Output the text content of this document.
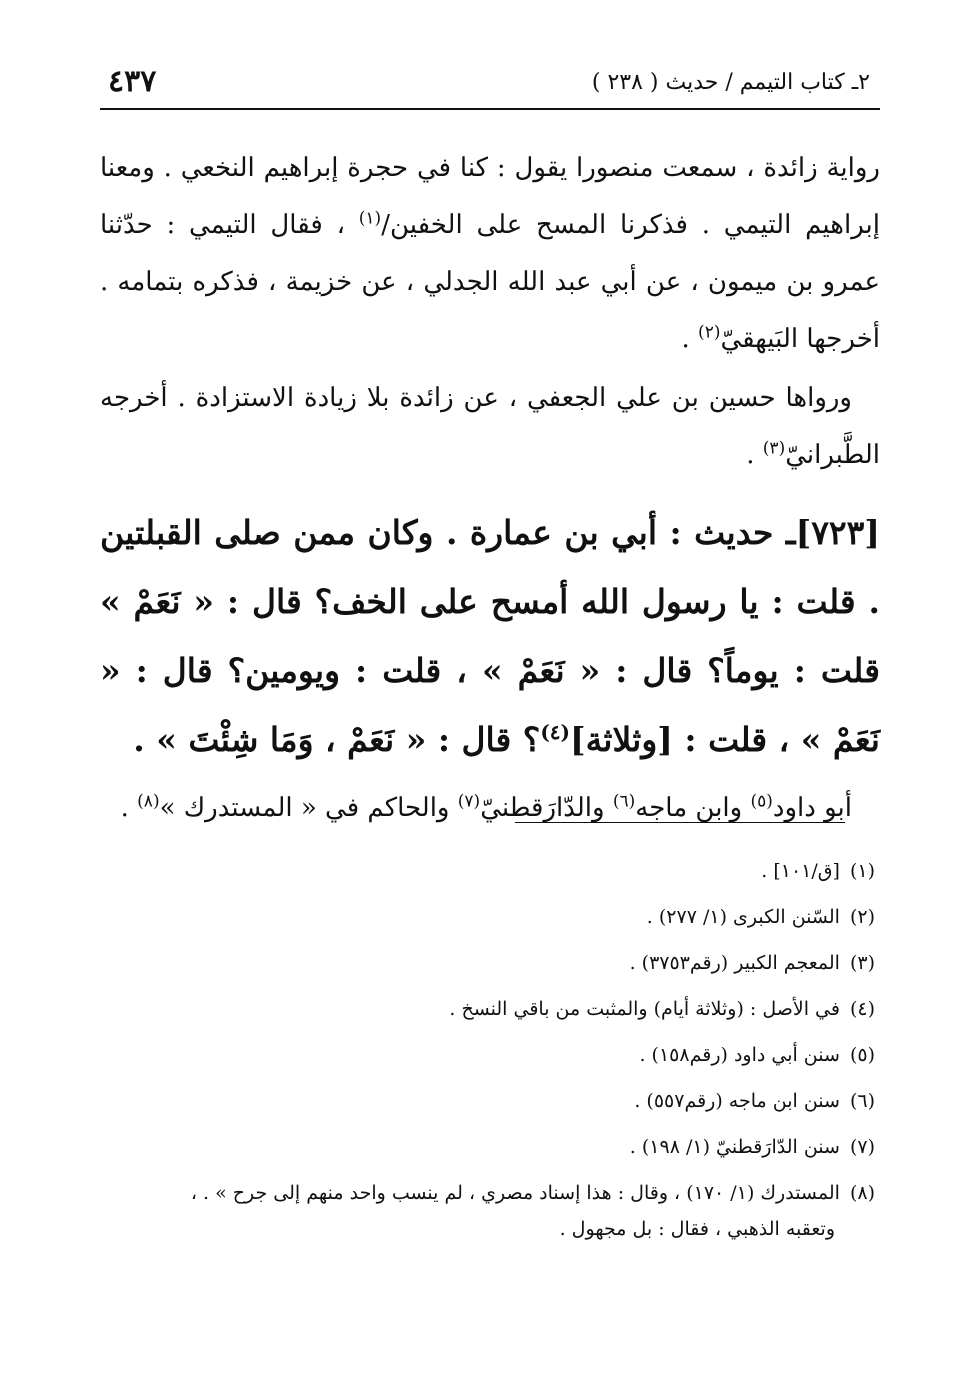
٢ـ كتاب التيمم / حديث ( ٢٣٨ )
٤٣٧

رواية زائدة ، سمعت منصورا يقول : كنا في حجرة إبراهيم النخعي . ومعنا إبراهيم التيمي . فذكرنا المسح على الخفين/$^{(١)}$ ، فقال التيمي : حدّثنا عمرو بن ميمون ، عن أبي عبد الله الجدلي ، عن خزيمة ، فذكره بتمامه . أخرجها البَيهقيّ$^{(٢)}$ .

ورواها حسين بن علي الجعفي ، عن زائدة بلا زيادة الاستزادة . أخرجه الطَّبرانيّ$^{(٣)}$ .

[٧٢٣]ـ حديث : أبي بن عمارة . وكان ممن صلى القبلتين . قلت : يا رسول الله أمسح على الخف؟ قال : « نَعَمْ » قلت : يوماً؟ قال : « نَعَمْ » ، قلت : ويومين؟ قال : « نَعَمْ » ، قلت : [وثلاثة]$^{(٤)}$؟ قال : « نَعَمْ ، وَمَا شِئْتَ » .

أبو داود$^{(٥)}$ وابن ماجه$^{(٦)}$ والدّارَقطنيّ$^{(٧)}$ والحاكم في « المستدرك »$^{(٨)}$ .

(١)
[ق/١٠١] .
(٢)
السّنن الكبرى (١/ ٢٧٧) .
(٣)
المعجم الكبير (رقم٣٧٥٣) .
(٤)
في الأصل : (وثلاثة أيام) والمثبت من باقي النسخ .
(٥)
سنن أبي داود (رقم١٥٨) .
(٦)
سنن ابن ماجه (رقم٥٥٧) .
(٧)
سنن الدّارَقطنيّ (١/ ١٩٨) .
(٨)
المستدرك (١/ ١٧٠) ، وقال : هذا إسناد مصري ، لم ينسب واحد منهم إلى جرح » . ،
وتعقبه الذهبي ، فقال : بل مجهول .
